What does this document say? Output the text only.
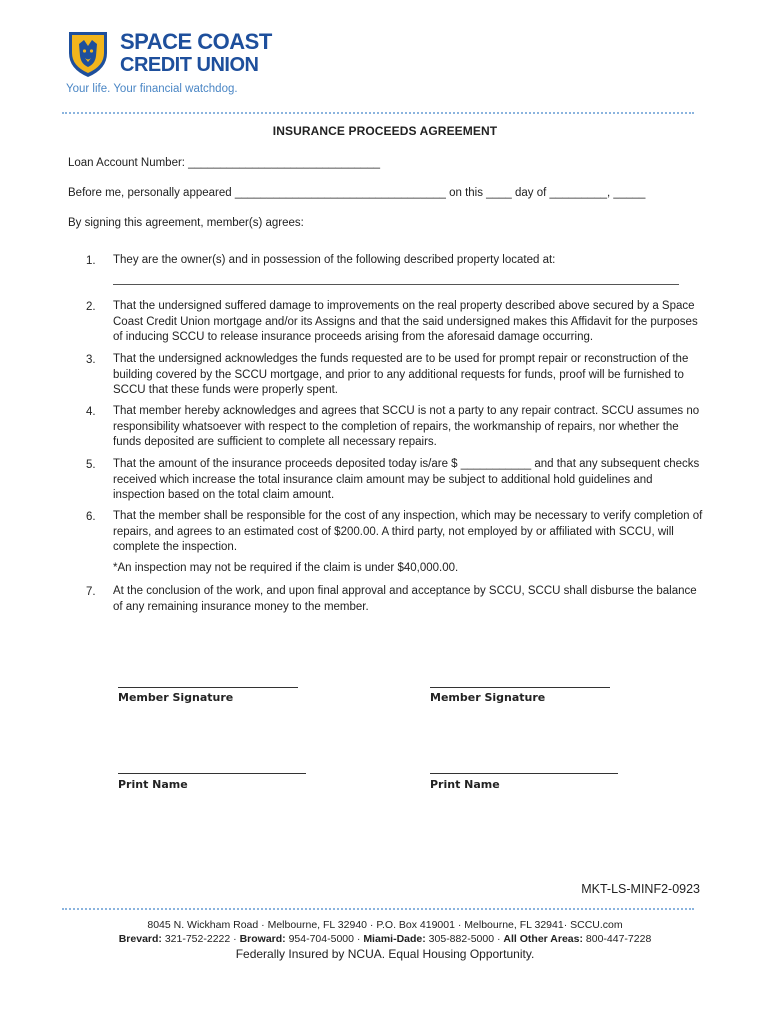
SPACE COAST
CREDIT UNION
Your life. Your financial watchdog.
INSURANCE PROCEEDS AGREEMENT
Loan Account Number: ______________________________
Before me, personally appeared _________________________________ on this ____ day of _________, _____
By signing this agreement, member(s) agrees:
1. They are the owner(s) and in possession of the following described property located at:
2. That the undersigned suffered damage to improvements on the real property described above secured by a Space Coast Credit Union mortgage and/or its Assigns and that the said undersigned makes this Affidavit for the purposes of inducing SCCU to release insurance proceeds arising from the aforesaid damage occurring.
3. That the undersigned acknowledges the funds requested are to be used for prompt repair or reconstruction of the building covered by the SCCU mortgage, and prior to any additional requests for funds, proof will be furnished to SCCU that these funds were properly spent.
4. That member hereby acknowledges and agrees that SCCU is not a party to any repair contract. SCCU assumes no responsibility whatsoever with respect to the completion of repairs, the workmanship of repairs, nor whether the funds deposited are sufficient to complete all necessary repairs.
5. That the amount of the insurance proceeds deposited today is/are $ ___________ and that any subsequent checks received which increase the total insurance claim amount may be subject to additional hold guidelines and inspection based on the total claim amount.
6. That the member shall be responsible for the cost of any inspection, which may be necessary to verify completion of repairs, and agrees to an estimated cost of $200.00. A third party, not employed by or affiliated with SCCU, will complete the inspection.
*An inspection may not be required if the claim is under $40,000.00.
7. At the conclusion of the work, and upon final approval and acceptance by SCCU, SCCU shall disburse the balance of any remaining insurance money to the member.
Member Signature	Member Signature
Print Name	Print Name
MKT-LS-MINF2-0923
8045 N. Wickham Road · Melbourne, FL 32940 · P.O. Box 419001 · Melbourne, FL 32941· SCCU.com
Brevard: 321-752-2222 · Broward: 954-704-5000 · Miami-Dade: 305-882-5000 · All Other Areas: 800-447-7228
Federally Insured by NCUA. Equal Housing Opportunity.
